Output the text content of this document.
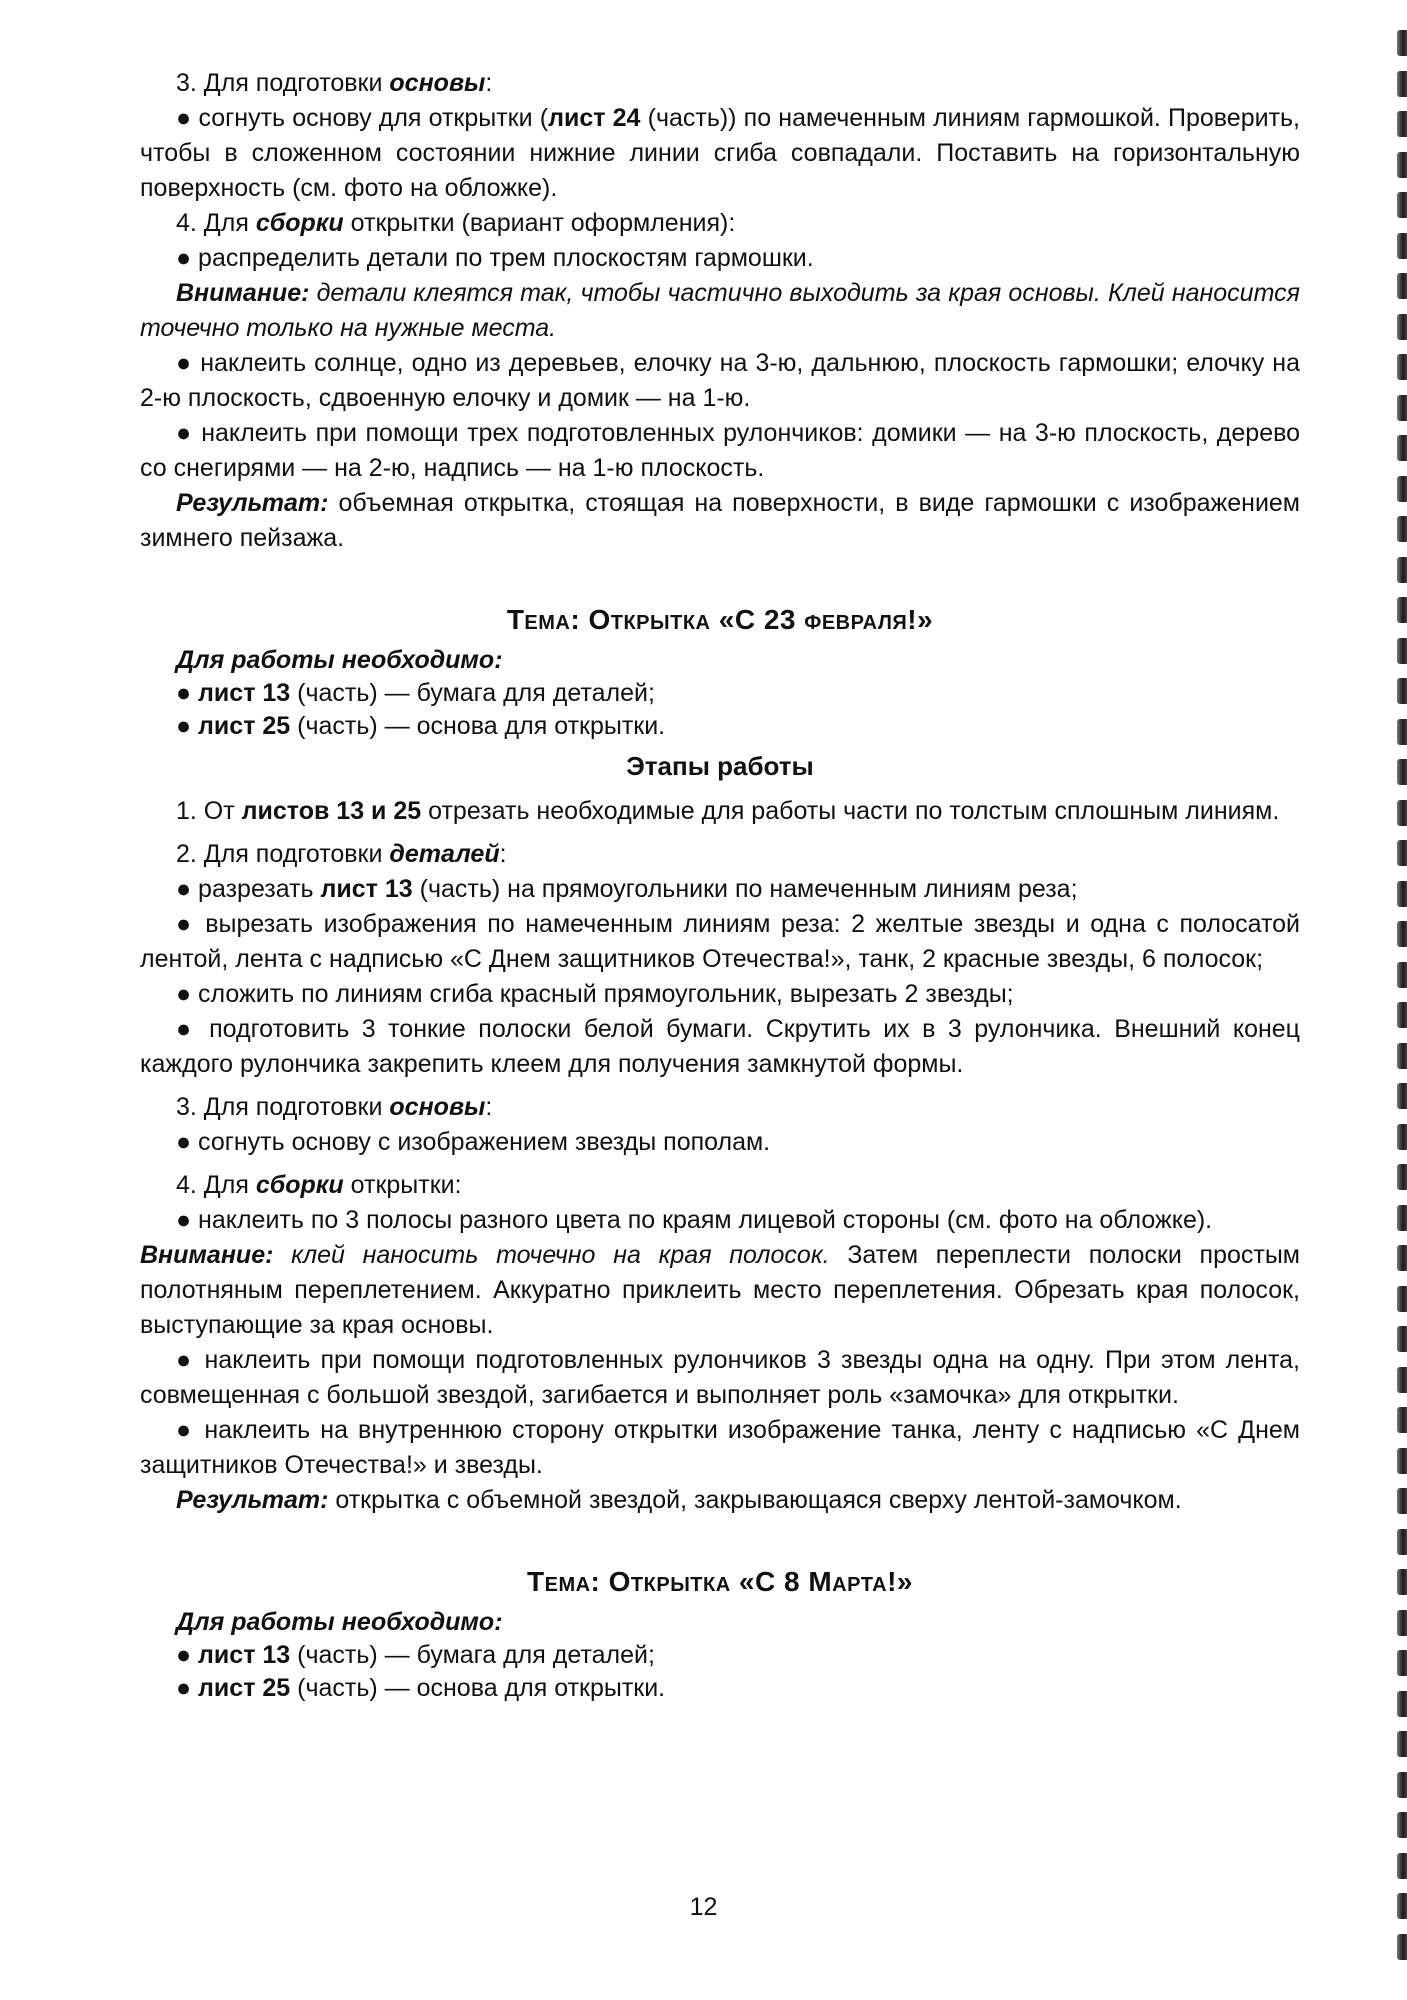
3. Для подготовки основы:

● согнуть основу для открытки (лист 24 (часть)) по намеченным линиям гармошкой. Проверить, чтобы в сложенном состоянии нижние линии сгиба совпадали. Поставить на горизонтальную поверхность (см. фото на обложке).

4. Для сборки открытки (вариант оформления):

● распределить детали по трем плоскостям гармошки.

Внимание: детали клеятся так, чтобы частично выходить за края основы. Клей наносится точечно только на нужные места.

● наклеить солнце, одно из деревьев, елочку на 3-ю, дальнюю, плоскость гармошки; елочку на 2-ю плоскость, сдвоенную елочку и домик — на 1-ю.

● наклеить при помощи трех подготовленных рулончиков: домики — на 3-ю плоскость, дерево со снегирями — на 2-ю, надпись — на 1-ю плоскость.

Результат: объемная открытка, стоящая на поверхности, в виде гармошки с изображением зимнего пейзажа.

Тема: Открытка «С 23 февраля!»
Для работы необходимо:
● лист 13 (часть) — бумага для деталей;
● лист 25 (часть) — основа для открытки.
Этапы работы

1. От листов 13 и 25 отрезать необходимые для работы части по толстым сплошным линиям.

2. Для подготовки деталей:

● разрезать лист 13 (часть) на прямоугольники по намеченным линиям реза;

● вырезать изображения по намеченным линиям реза: 2 желтые звезды и одна с полосатой лентой, лента с надписью «С Днем защитников Отечества!», танк, 2 красные звезды, 6 полосок;

● сложить по линиям сгиба красный прямоугольник, вырезать 2 звезды;

● подготовить 3 тонкие полоски белой бумаги. Скрутить их в 3 рулончика. Внешний конец каждого рулончика закрепить клеем для получения замкнутой формы.

3. Для подготовки основы:

● согнуть основу с изображением звезды пополам.

4. Для сборки открытки:

● наклеить по 3 полосы разного цвета по краям лицевой стороны (см. фото на обложке).

Внимание: клей наносить точечно на края полосок. Затем переплести полоски простым полотняным переплетением. Аккуратно приклеить место переплетения. Обрезать края полосок, выступающие за края основы.

● наклеить при помощи подготовленных рулончиков 3 звезды одна на одну. При этом лента, совмещенная с большой звездой, загибается и выполняет роль «замочка» для открытки.

● наклеить на внутреннюю сторону открытки изображение танка, ленту с надписью «С Днем защитников Отечества!» и звезды.

Результат: открытка с объемной звездой, закрывающаяся сверху лентой-замочком.

Тема: Открытка «С 8 Марта!»
Для работы необходимо:
● лист 13 (часть) — бумага для деталей;
● лист 25 (часть) — основа для открытки.
12
